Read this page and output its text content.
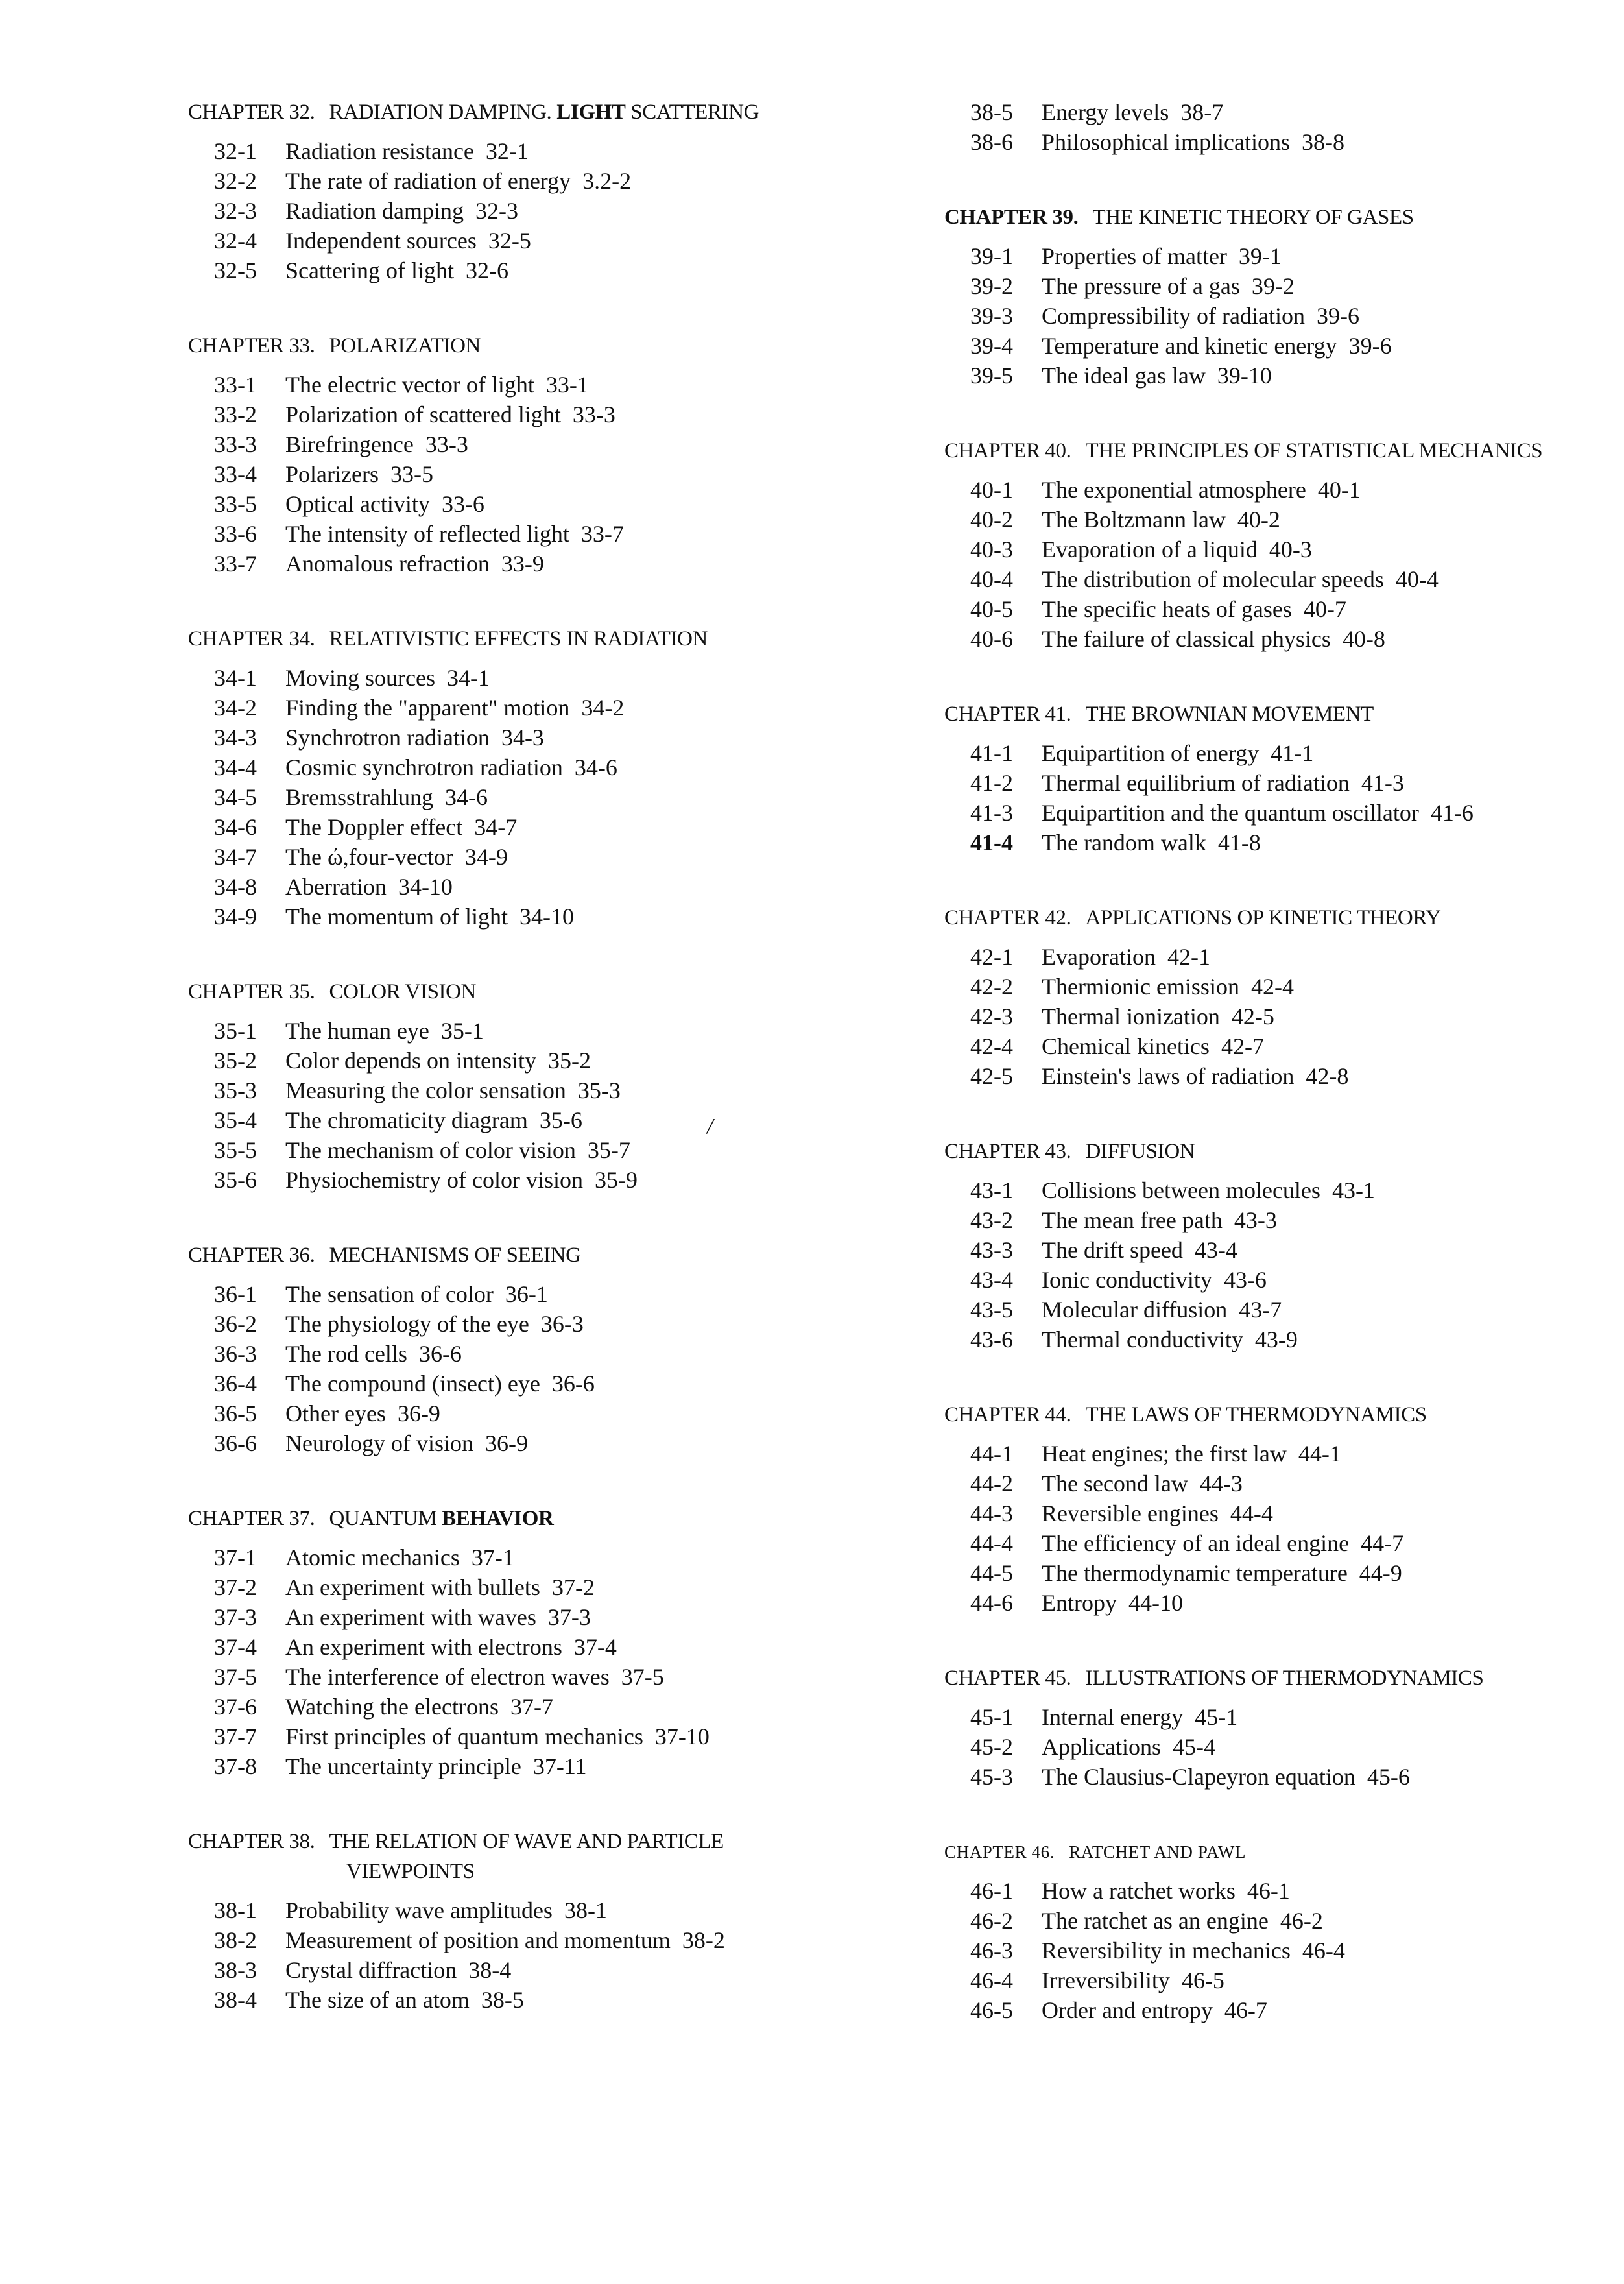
CHAPTER 32. RADIATION DAMPING. LIGHT SCATTERING
32-1 Radiation resistance 32-1
32-2 The rate of radiation of energy 3.2-2
32-3 Radiation damping 32-3
32-4 Independent sources 32-5
32-5 Scattering of light 32-6
CHAPTER 33. POLARIZATION
33-1 The electric vector of light 33-1
33-2 Polarization of scattered light 33-3
33-3 Birefringence 33-3
33-4 Polarizers 33-5
33-5 Optical activity 33-6
33-6 The intensity of reflected light 33-7
33-7 Anomalous refraction 33-9
CHAPTER 34. RELATIVISTIC EFFECTS IN RADIATION
34-1 Moving sources 34-1
34-2 Finding the "apparent" motion 34-2
34-3 Synchrotron radiation 34-3
34-4 Cosmic synchrotron radiation 34-6
34-5 Bremsstrahlung 34-6
34-6 The Doppler effect 34-7
34-7 The ώ,four-vector 34-9
34-8 Aberration 34-10
34-9 The momentum of light 34-10
CHAPTER 35. COLOR VISION
35-1 The human eye 35-1
35-2 Color depends on intensity 35-2
35-3 Measuring the color sensation 35-3
35-4 The chromaticity diagram 35-6
35-5 The mechanism of color vision 35-7
35-6 Physiochemistry of color vision 35-9
CHAPTER 36. MECHANISMS OF SEEING
36-1 The sensation of color 36-1
36-2 The physiology of the eye 36-3
36-3 The rod cells 36-6
36-4 The compound (insect) eye 36-6
36-5 Other eyes 36-9
36-6 Neurology of vision 36-9
CHAPTER 37. QUANTUM BEHAVIOR
37-1 Atomic mechanics 37-1
37-2 An experiment with bullets 37-2
37-3 An experiment with waves 37-3
37-4 An experiment with electrons 37-4
37-5 The interference of electron waves 37-5
37-6 Watching the electrons 37-7
37-7 First principles of quantum mechanics 37-10
37-8 The uncertainty principle 37-11
CHAPTER 38. THE RELATION OF WAVE AND PARTICLE
VIEWPOINTS
38-1 Probability wave amplitudes 38-1
38-2 Measurement of position and momentum 38-2
38-3 Crystal diffraction 38-4
38-4 The size of an atom 38-5
38-5 Energy levels 38-7
38-6 Philosophical implications 38-8
CHAPTER 39. THE KINETIC THEORY OF GASES
39-1 Properties of matter 39-1
39-2 The pressure of a gas 39-2
39-3 Compressibility of radiation 39-6
39-4 Temperature and kinetic energy 39-6
39-5 The ideal gas law 39-10
CHAPTER 40. THE PRINCIPLES OF STATISTICAL MECHANICS
40-1 The exponential atmosphere 40-1
40-2 The Boltzmann law 40-2
40-3 Evaporation of a liquid 40-3
40-4 The distribution of molecular speeds 40-4
40-5 The specific heats of gases 40-7
40-6 The failure of classical physics 40-8
CHAPTER 41. THE BROWNIAN MOVEMENT
41-1 Equipartition of energy 41-1
41-2 Thermal equilibrium of radiation 41-3
41-3 Equipartition and the quantum oscillator 41-6
41-4 The random walk 41-8
CHAPTER 42. APPLICATIONS OP KINETIC THEORY
42-1 Evaporation 42-1
42-2 Thermionic emission 42-4
42-3 Thermal ionization 42-5
42-4 Chemical kinetics 42-7
42-5 Einstein's laws of radiation 42-8
CHAPTER 43. DIFFUSION
43-1 Collisions between molecules 43-1
43-2 The mean free path 43-3
43-3 The drift speed 43-4
43-4 Ionic conductivity 43-6
43-5 Molecular diffusion 43-7
43-6 Thermal conductivity 43-9
CHAPTER 44. THE LAWS OF THERMODYNAMICS
44-1 Heat engines; the first law 44-1
44-2 The second law 44-3
44-3 Reversible engines 44-4
44-4 The efficiency of an ideal engine 44-7
44-5 The thermodynamic temperature 44-9
44-6 Entropy 44-10
CHAPTER 45. ILLUSTRATIONS OF THERMODYNAMICS
45-1 Internal energy 45-1
45-2 Applications 45-4
45-3 The Clausius-Clapeyron equation 45-6
CHAPTER 46. RATCHET AND PAWL
46-1 How a ratchet works 46-1
46-2 The ratchet as an engine 46-2
46-3 Reversibility in mechanics 46-4
46-4 Irreversibility 46-5
46-5 Order and entropy 46-7
/
